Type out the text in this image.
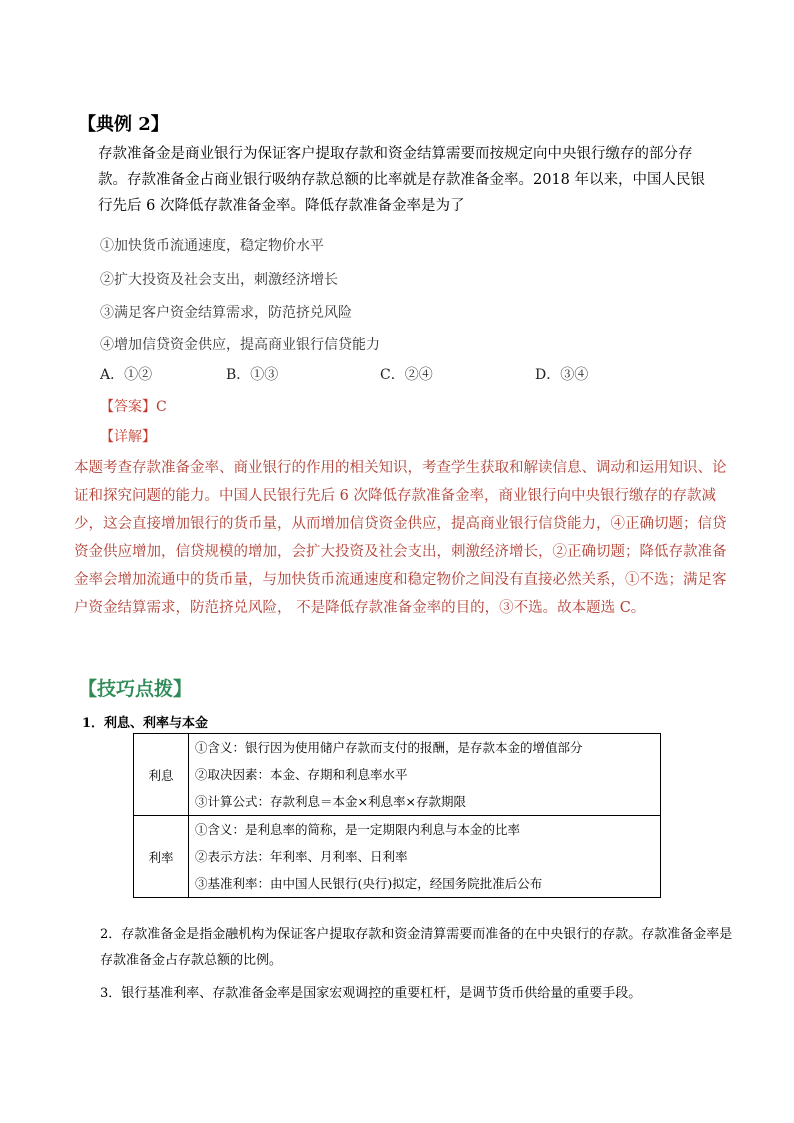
【典例 2】
存款准备金是商业银行为保证客户提取存款和资金结算需要而按规定向中央银行缴存的部分存款。存款准备金占商业银行吸纳存款总额的比率就是存款准备金率。2018 年以来，中国人民银行先后 6 次降低存款准备金率。降低存款准备金率是为了
①加快货币流通速度，稳定物价水平
②扩大投资及社会支出，刺激经济增长
③满足客户资金结算需求，防范挤兑风险
④增加信贷资金供应，提高商业银行信贷能力
A．①②	B．①③	C．②④	D．③④
【答案】C
【详解】
本题考查存款准备金率、商业银行的作用的相关知识，考查学生获取和解读信息、调动和运用知识、论证和探究问题的能力。中国人民银行先后 6 次降低存款准备金率，商业银行向中央银行缴存的存款减少，这会直接增加银行的货币量，从而增加信贷资金供应，提高商业银行信贷能力，④正确切题；信贷资金供应增加，信贷规模的增加，会扩大投资及社会支出，刺激经济增长，②正确切题；降低存款准备金率会增加流通中的货币量，与加快货币流通速度和稳定物价之间没有直接必然关系，①不选；满足客户资金结算需求，防范挤兑风险， 不是降低存款准备金率的目的，③不选。故本题选 C。
【技巧点拨】
1．利息、利率与本金
利息	①含义：银行因为使用储户存款而支付的报酬，是存款本金的增值部分
②取决因素：本金、存期和利息率水平
③计算公式：存款利息＝本金×利息率×存款期限

利率	①含义：是利息率的简称，是一定期限内利息与本金的比率
②表示方法：年利率、月利率、日利率
③基准利率：由中国人民银行(央行)拟定，经国务院批准后公布
2．存款准备金是指金融机构为保证客户提取存款和资金清算需要而准备的在中央银行的存款。存款准备金率是存款准备金占存款总额的比例。
3．银行基准利率、存款准备金率是国家宏观调控的重要杠杆，是调节货币供给量的重要手段。
